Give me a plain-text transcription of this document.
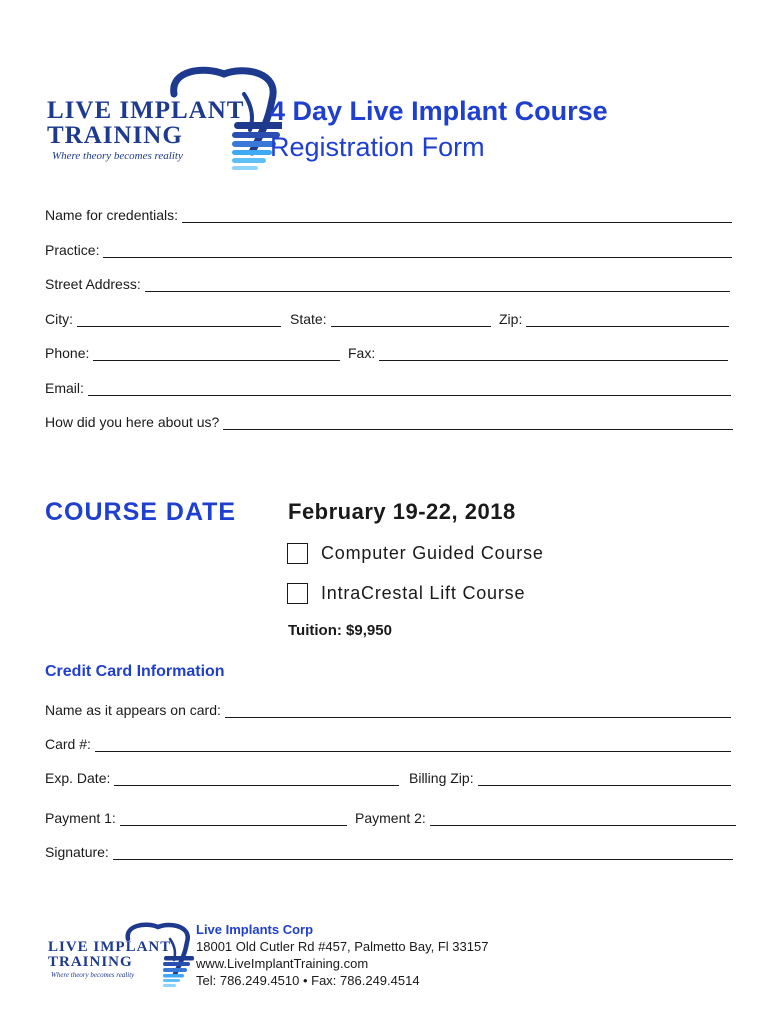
LIVE IMPLANT
TRAINING
Where theory becomes reality
4 Day Live Implant Course
Registration Form
Name for credentials:
Practice:
Street Address:
City:	State:	Zip:
Phone:	Fax:
Email:
How did you here about us?
COURSE DATE February 19-22, 2018
Computer Guided Course
IntraCrestal Lift Course
Tuition: $9,950
Credit Card Information
Name as it appears on card:
Card #:
Exp. Date:	Billing Zip:
Payment 1:	Payment 2:
Signature:
LIVE IMPLANT
TRAINING
Where theory becomes reality
Live Implants Corp
18001 Old Cutler Rd #457, Palmetto Bay, Fl 33157
www.LiveImplantTraining.com
Tel: 786.249.4510 • Fax: 786.249.4514
